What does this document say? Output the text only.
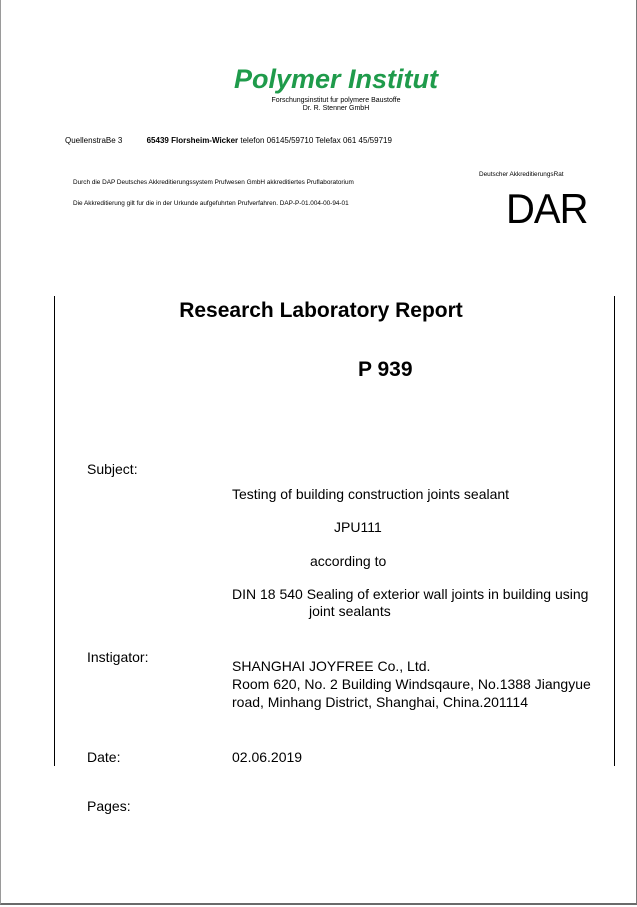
Polymer Institut
Forschungsinstitut fur polymere Baustoffe
Dr. R. Stenner GmbH
QuellenstraBe 3	65439 Florsheim-Wicker telefon 06145/59710 Telefax 061 45/59719
Durch die DAP Deutsches Akkreditierungssystem Prufwesen GmbH akkreditiertes Pruflaboratorium
Die Akkreditierung gilt fur die in der Urkunde aufgefuhrten Prufverfahren. DAP-P-01.004-00-94-01
Deutscher AkkreditierungsRat
DAR
Research Laboratory Report
P 939
Subject:
Testing of building construction joints sealant
JPU111
according to
DIN 18 540 Sealing of exterior wall joints in building using
joint sealants
Instigator:
SHANGHAI JOYFREE Co., Ltd.
Room 620, No. 2 Building Windsqaure, No.1388 Jiangyue
road, Minhang District, Shanghai, China.201114
Date:	02.06.2019
Pages:
